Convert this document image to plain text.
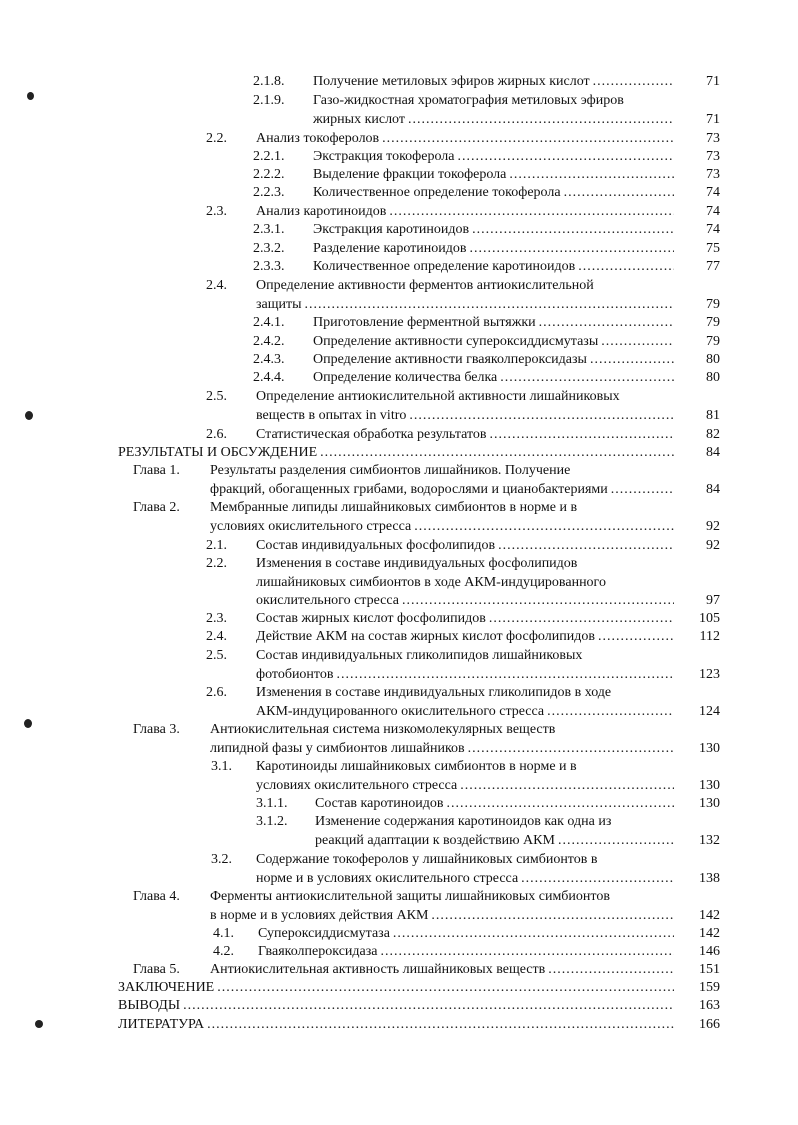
2.1.8. Получение метиловых эфиров жирных кислот .....	71
2.1.9. Газо-жидкостная хроматография метиловых эфиров
жирных кислот .....	71
2.2. Анализ токоферолов .....	73
2.2.1. Экстракция токоферола .....	73
2.2.2. Выделение фракции токоферола .....	73
2.2.3. Количественное определение токоферола .....	74
2.3. Анализ каротиноидов .....	74
2.3.1. Экстракция каротиноидов .....	74
2.3.2. Разделение каротиноидов .....	75
2.3.3. Количественное определение каротиноидов .....	77
2.4. Определение активности ферментов антиокислительной
защиты .....	79
2.4.1. Приготовление ферментной вытяжки .....	79
2.4.2. Определение активности супероксиддисмутазы .....	79
2.4.3. Определение активности гваяколпероксидазы .....	80
2.4.4. Определение количества белка .....	80
2.5. Определение антиокислительной активности лишайниковых
веществ в опытах in vitro .....	81
2.6. Статистическая обработка результатов .....	82
РЕЗУЛЬТАТЫ И ОБСУЖДЕНИЕ .....	84
Глава 1. Результаты разделения симбионтов лишайников. Получение
фракций, обогащенных грибами, водорослями и цианобактериями .....	84
Глава 2. Мембранные липиды лишайниковых симбионтов в норме и в
условиях окислительного стресса .....	92
2.1. Состав индивидуальных фосфолипидов .....	92
2.2. Изменения в составе индивидуальных фосфолипидов
лишайниковых симбионтов в ходе АКМ-индуцированного
окислительного стресса .....	97
2.3. Состав жирных кислот фосфолипидов .....	105
2.4. Действие АКМ на состав жирных кислот фосфолипидов .....	112
2.5. Состав индивидуальных гликолипидов лишайниковых
фотобионтов .....	123
2.6. Изменения в составе индивидуальных гликолипидов в ходе
АКМ-индуцированного окислительного стресса .....	124
Глава 3. Антиокислительная система низкомолекулярных веществ
липидной фазы у симбионтов лишайников .....	130
3.1. Каротиноиды лишайниковых симбионтов в норме и в
условиях окислительного стресса .....	130
3.1.1. Состав каротиноидов .....	130
3.1.2. Изменение содержания каротиноидов как одна из
реакций адаптации к воздействию АКМ .....	132
3.2. Содержание токоферолов у лишайниковых симбионтов в
норме и в условиях окислительного стресса .....	138
Глава 4. Ферменты антиокислительной защиты лишайниковых симбионтов
в норме и в условиях действия АКМ .....	142
4.1. Супероксиддисмутаза .....	142
4.2. Гваяколпероксидаза .....	146
Глава 5. Антиокислительная активность лишайниковых веществ .....	151
ЗАКЛЮЧЕНИЕ .....	159
ВЫВОДЫ .....	163
ЛИТЕРАТУРА .....	166
